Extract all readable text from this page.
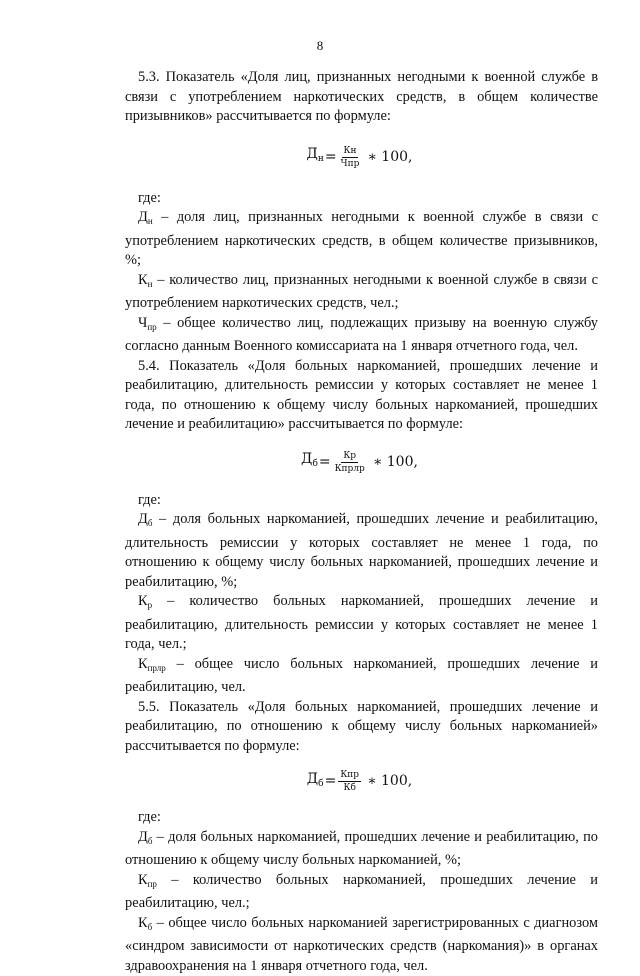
8

5.3. Показатель «Доля лиц, признанных негодными к военной службе в связи с употреблением наркотических средств, в общем количестве призывников» рассчитывается по формуле:

$Д_н = \frac{Кн}{\text{Чпр}}$ ∗ 100,

где:

$Д_н$ – доля лиц, признанных негодными к военной службе в связи с употреблением наркотических средств, в общем количестве призывников, %;

$К_н$ – количество лиц, признанных негодными к военной службе в связи с употреблением наркотических средств, чел.;

$Ч_{пр}$ – общее количество лиц, подлежащих призыву на военную службу согласно данным Военного комиссариата на 1 января отчетного года, чел.

5.4. Показатель «Доля больных наркоманией, прошедших лечение и реабилитацию, длительность ремиссии у которых составляет не менее 1 года, по отношению к общему числу больных наркоманией, прошедших лечение и реабилитацию» рассчитывается по формуле:

$Д_б = \frac{Кр}{\text{Кпрлр}}$ ∗ 100,

где:

$Д_б$ – доля больных наркоманией, прошедших лечение и реабилитацию, длительность ремиссии у которых составляет не менее 1 года, по отношению к общему числу больных наркоманией, прошедших лечение и реабилитацию, %;

$К_р$ – количество больных наркоманией, прошедших лечение и реабилитацию, длительность ремиссии у которых составляет не менее 1 года, чел.;

$К_{прлр}$ – общее число больных наркоманией, прошедших лечение и реабилитацию, чел.

5.5. Показатель «Доля больных наркоманией, прошедших лечение и реабилитацию, по отношению к общему числу больных наркоманией» рассчитывается по формуле:

$Д_б = \frac{\text{Кпр}}{Кб}$ ∗ 100,

где:

$Д_б$ – доля больных наркоманией, прошедших лечение и реабилитацию, по отношению к общему числу больных наркоманией, %;

$К_{пр}$ – количество больных наркоманией, прошедших лечение и реабилитацию, чел.;

$К_б$ – общее число больных наркоманией зарегистрированных с диагнозом «синдром зависимости от наркотических средств (наркомания)» в органах здравоохранения на 1 января отчетного года, чел.
